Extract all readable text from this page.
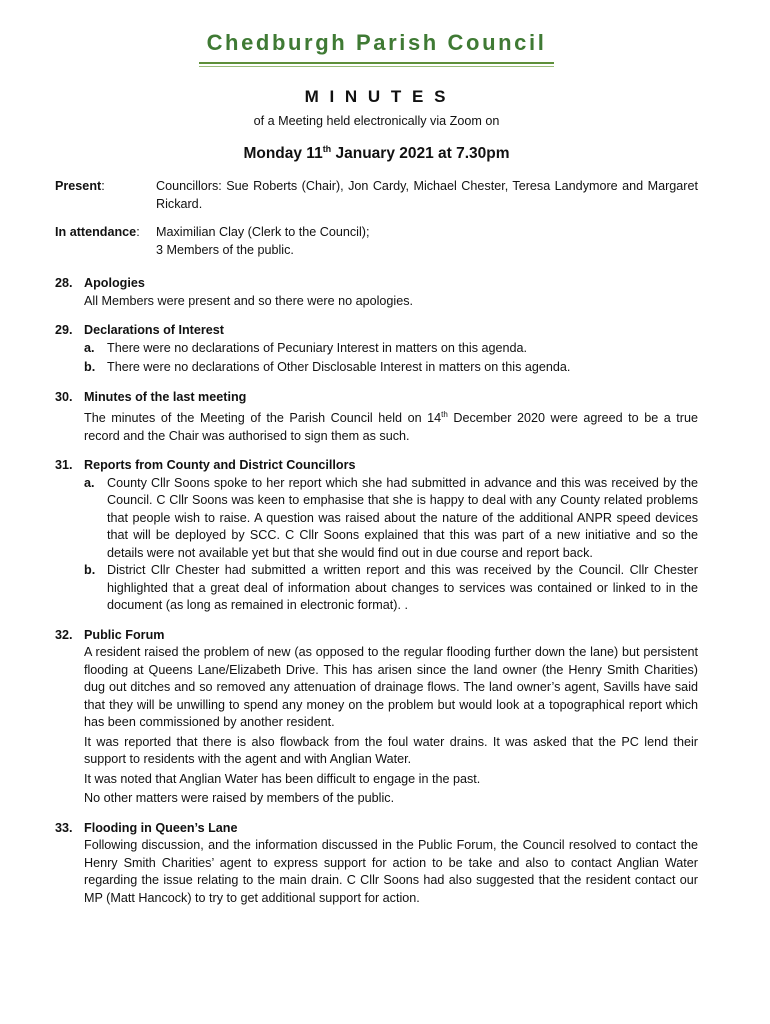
Chedburgh Parish Council
M I N U T E S
of a Meeting held electronically via Zoom on
Monday 11th January 2021 at 7.30pm
Present:	Councillors: Sue Roberts (Chair), Jon Cardy, Michael Chester, Teresa Landymore and Margaret Rickard.
In attendance:	Maximilian Clay (Clerk to the Council);
3 Members of the public.
28. Apologies
All Members were present and so there were no apologies.
29. Declarations of Interest
a. There were no declarations of Pecuniary Interest in matters on this agenda.
b. There were no declarations of Other Disclosable Interest in matters on this agenda.
30. Minutes of the last meeting
The minutes of the Meeting of the Parish Council held on 14th December 2020 were agreed to be a true record and the Chair was authorised to sign them as such.
31. Reports from County and District Councillors
a. County Cllr Soons spoke to her report which she had submitted in advance and this was received by the Council. C Cllr Soons was keen to emphasise that she is happy to deal with any County related problems that people wish to raise. A question was raised about the nature of the additional ANPR speed devices that will be deployed by SCC. C Cllr Soons explained that this was part of a new initiative and so the details were not available yet but that she would find out in due course and report back.
b. District Cllr Chester had submitted a written report and this was received by the Council. Cllr Chester highlighted that a great deal of information about changes to services was contained or linked to in the document (as long as remained in electronic format). .
32. Public Forum
A resident raised the problem of new (as opposed to the regular flooding further down the lane) but persistent flooding at Queens Lane/Elizabeth Drive. This has arisen since the land owner (the Henry Smith Charities) dug out ditches and so removed any attenuation of drainage flows. The land owner’s agent, Savills have said that they will be unwilling to spend any money on the problem but would look at a topographical report which has been commissioned by another resident.
It was reported that there is also flowback from the foul water drains. It was asked that the PC lend their support to residents with the agent and with Anglian Water.
It was noted that Anglian Water has been difficult to engage in the past.
No other matters were raised by members of the public.
33. Flooding in Queen’s Lane
Following discussion, and the information discussed in the Public Forum, the Council resolved to contact the Henry Smith Charities’ agent to express support for action to be take and also to contact Anglian Water regarding the issue relating to the main drain. C Cllr Soons had also suggested that the resident contact our MP (Matt Hancock) to try to get additional support for action.
